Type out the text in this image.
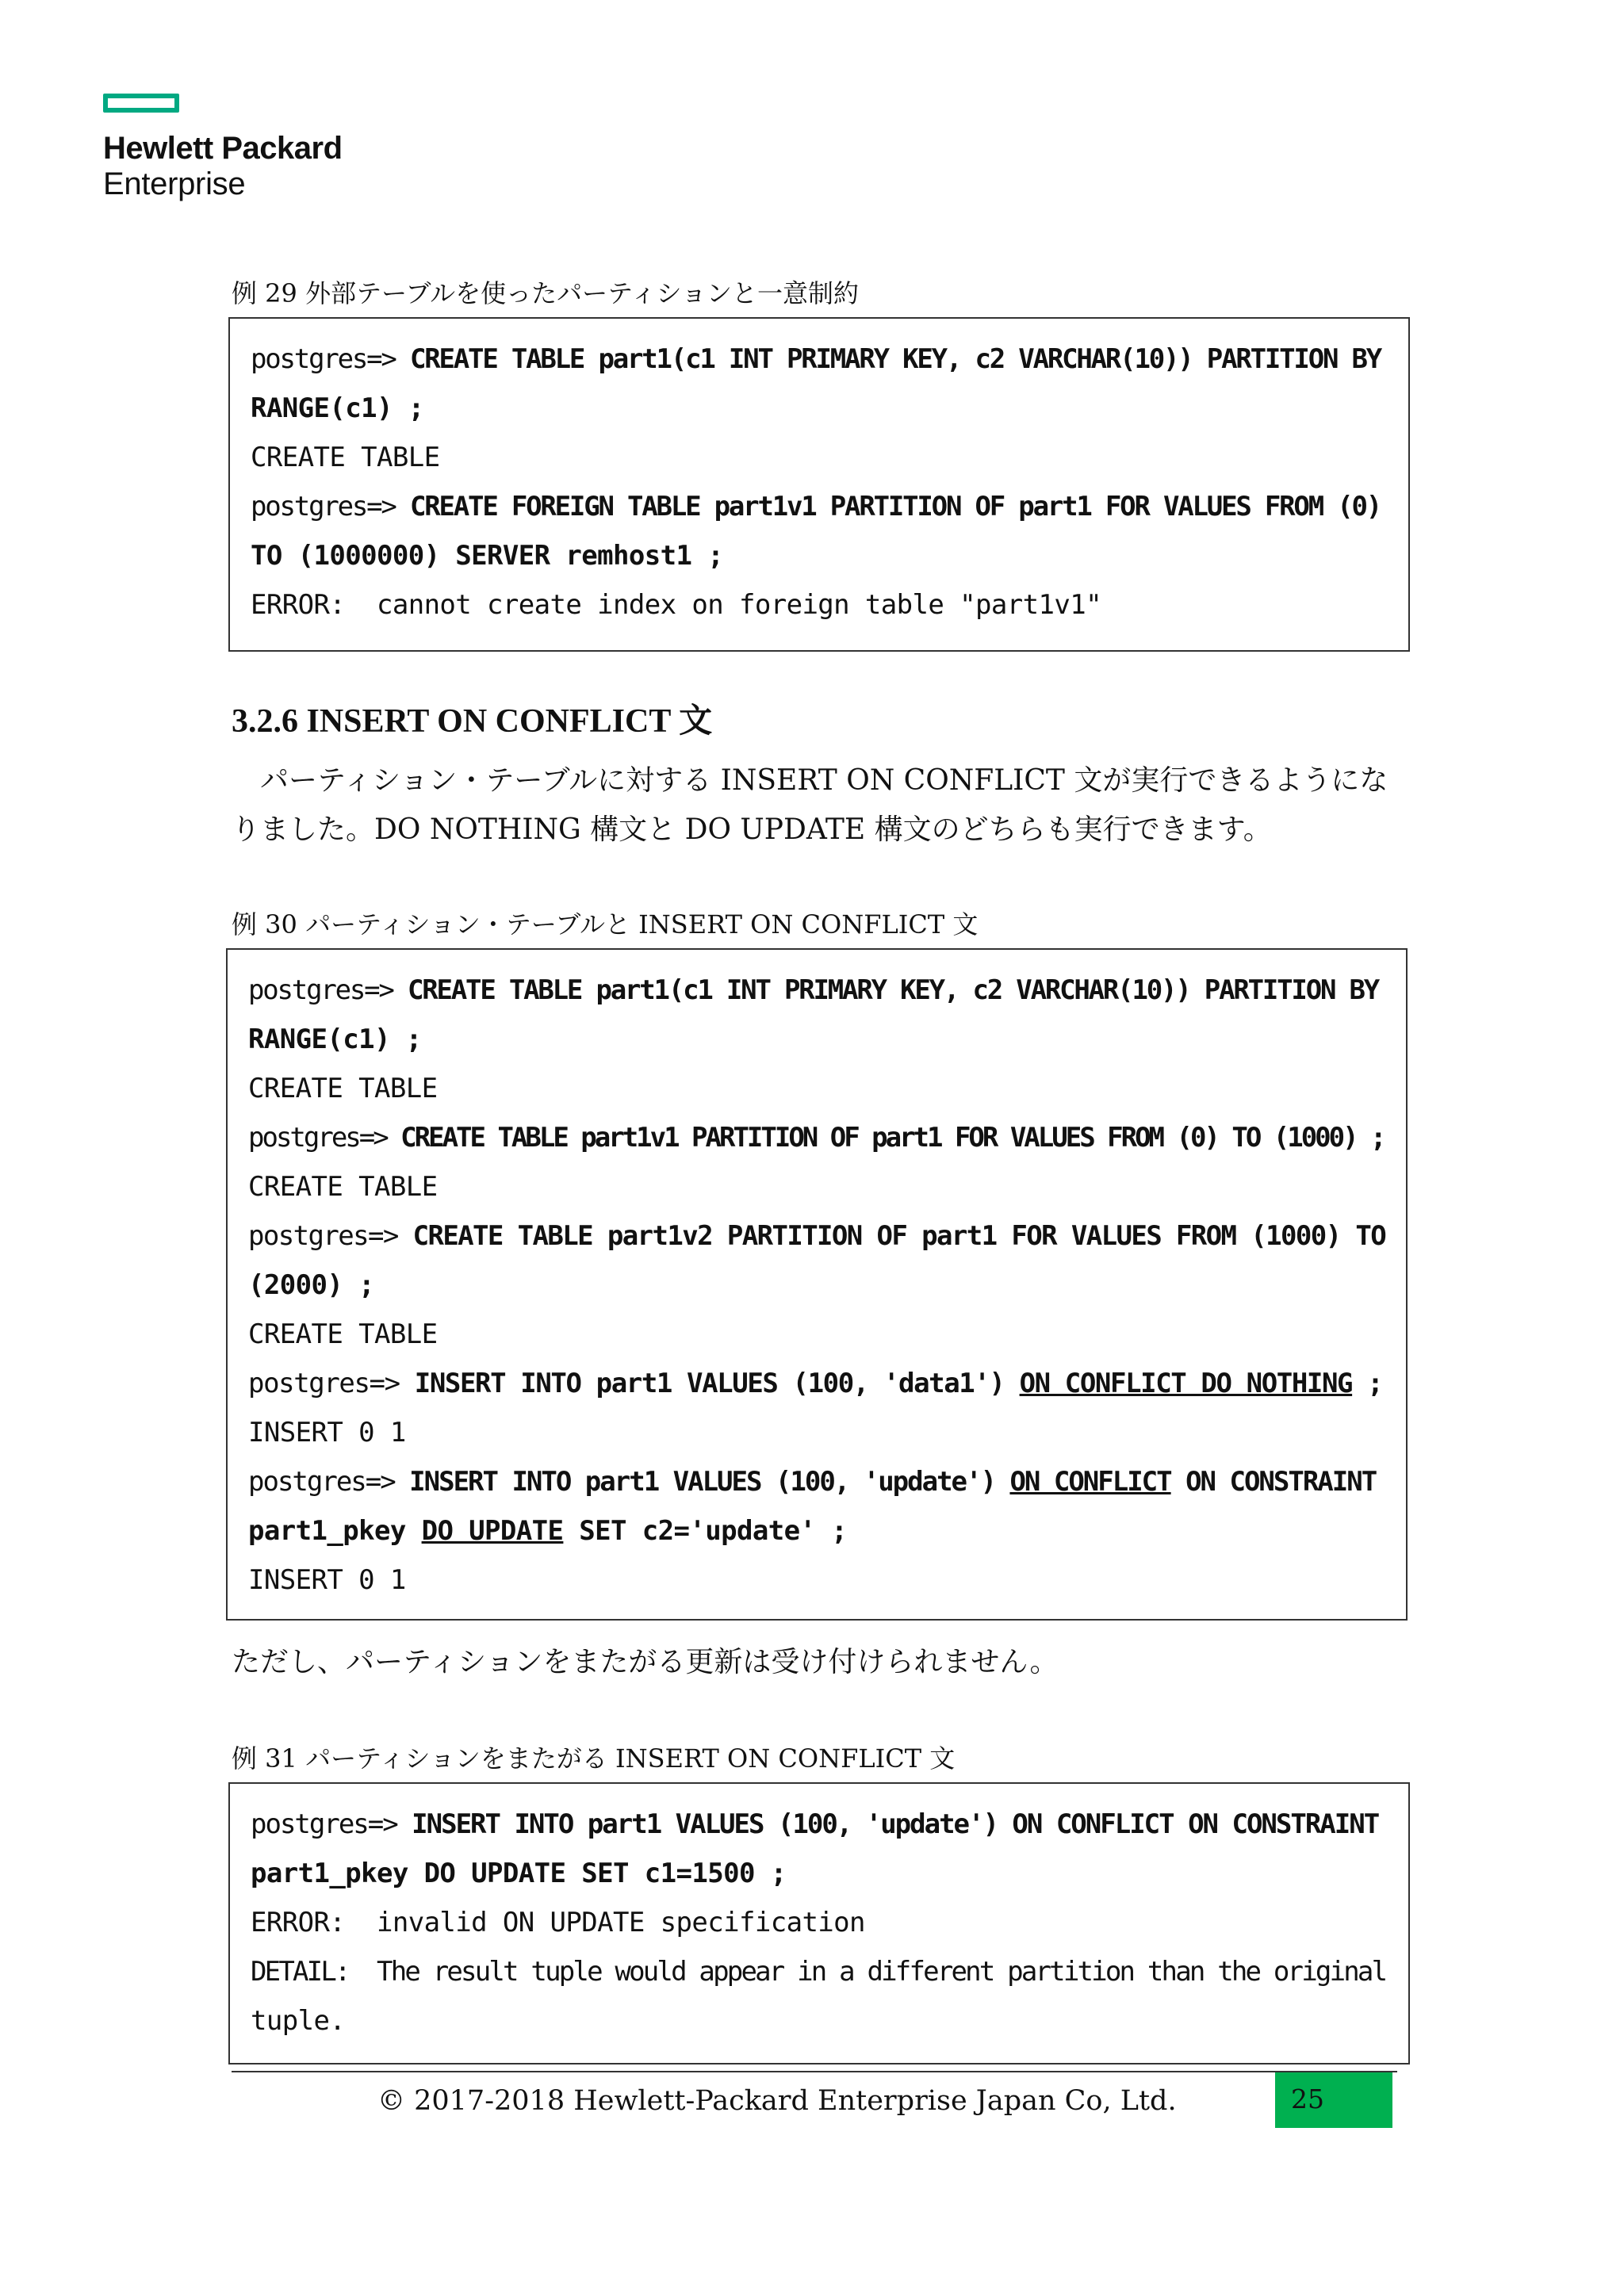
Hewlett Packard
Enterprise
例 29 外部テーブルを使ったパーティションと一意制約
postgres=> CREATE TABLE part1(c1 INT PRIMARY KEY, c2 VARCHAR(10)) PARTITION BY
RANGE(c1) ;
CREATE TABLE
postgres=> CREATE FOREIGN TABLE part1v1 PARTITION OF part1 FOR VALUES FROM (0)
TO (1000000) SERVER remhost1 ;
ERROR:  cannot create index on foreign table "part1v1"
3.2.6 INSERT ON CONFLICT 文

　パーティション・テーブルに対する INSERT ON CONFLICT 文が実行できるようにな

りました。DO NOTHING 構文と DO UPDATE 構文のどちらも実行できます。

例 30 パーティション・テーブルと INSERT ON CONFLICT 文
postgres=> CREATE TABLE part1(c1 INT PRIMARY KEY, c2 VARCHAR(10)) PARTITION BY
RANGE(c1) ;
CREATE TABLE
postgres=> CREATE TABLE part1v1 PARTITION OF part1 FOR VALUES FROM (0) TO (1000) ;
CREATE TABLE
postgres=> CREATE TABLE part1v2 PARTITION OF part1 FOR VALUES FROM (1000) TO
(2000) ;
CREATE TABLE
postgres=> INSERT INTO part1 VALUES (100, 'data1') ON CONFLICT DO NOTHING ;
INSERT 0 1
postgres=> INSERT INTO part1 VALUES (100, 'update') ON CONFLICT ON CONSTRAINT
part1_pkey DO UPDATE SET c2='update' ;
INSERT 0 1

ただし、パーティションをまたがる更新は受け付けられません。

例 31 パーティションをまたがる INSERT ON CONFLICT 文
postgres=> INSERT INTO part1 VALUES (100, 'update') ON CONFLICT ON CONSTRAINT
part1_pkey DO UPDATE SET c1=1500 ;
ERROR:  invalid ON UPDATE specification
DETAIL:  The result tuple would appear in a different partition than the original
tuple.
© 2017-2018 Hewlett-Packard Enterprise Japan Co, Ltd.	25
